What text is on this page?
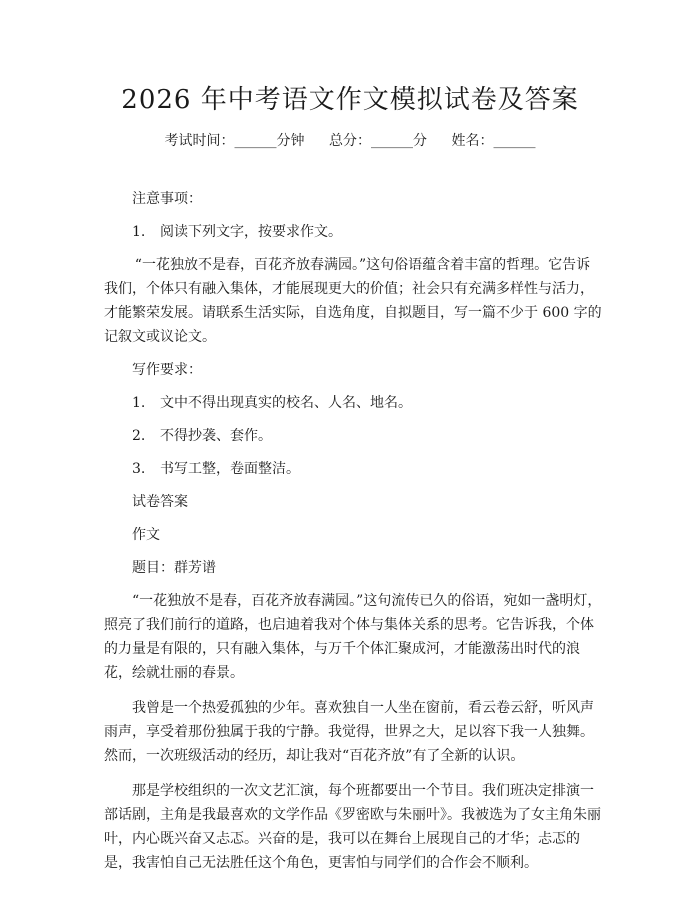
2026 年中考语文作文模拟试卷及答案
考试时间：______分钟 总分：______分 姓名：______

注意事项：

1. 阅读下列文字，按要求作文。

“一花独放不是春，百花齐放春满园。”这句俗语蕴含着丰富的哲理。它告诉我们，个体只有融入集体，才能展现更大的价值；社会只有充满多样性与活力，才能繁荣发展。请联系生活实际，自选角度，自拟题目，写一篇不少于 600 字的记叙文或议论文。

写作要求：

1. 文中不得出现真实的校名、人名、地名。

2. 不得抄袭、套作。

3. 书写工整，卷面整洁。

试卷答案

作文

题目：群芳谱

“一花独放不是春，百花齐放春满园。”这句流传已久的俗语，宛如一盏明灯，照亮了我们前行的道路，也启迪着我对个体与集体关系的思考。它告诉我，个体的力量是有限的，只有融入集体，与万千个体汇聚成河，才能激荡出时代的浪花，绘就壮丽的春景。

我曾是一个热爱孤独的少年。喜欢独自一人坐在窗前，看云卷云舒，听风声雨声，享受着那份独属于我的宁静。我觉得，世界之大，足以容下我一人独舞。然而，一次班级活动的经历，却让我对“百花齐放”有了全新的认识。

那是学校组织的一次文艺汇演，每个班都要出一个节目。我们班决定排演一部话剧，主角是我最喜欢的文学作品《罗密欧与朱丽叶》。我被选为了女主角朱丽叶，内心既兴奋又忐忑。兴奋的是，我可以在舞台上展现自己的才华；忐忑的是，我害怕自己无法胜任这个角色，更害怕与同学们的合作会不顺利。
